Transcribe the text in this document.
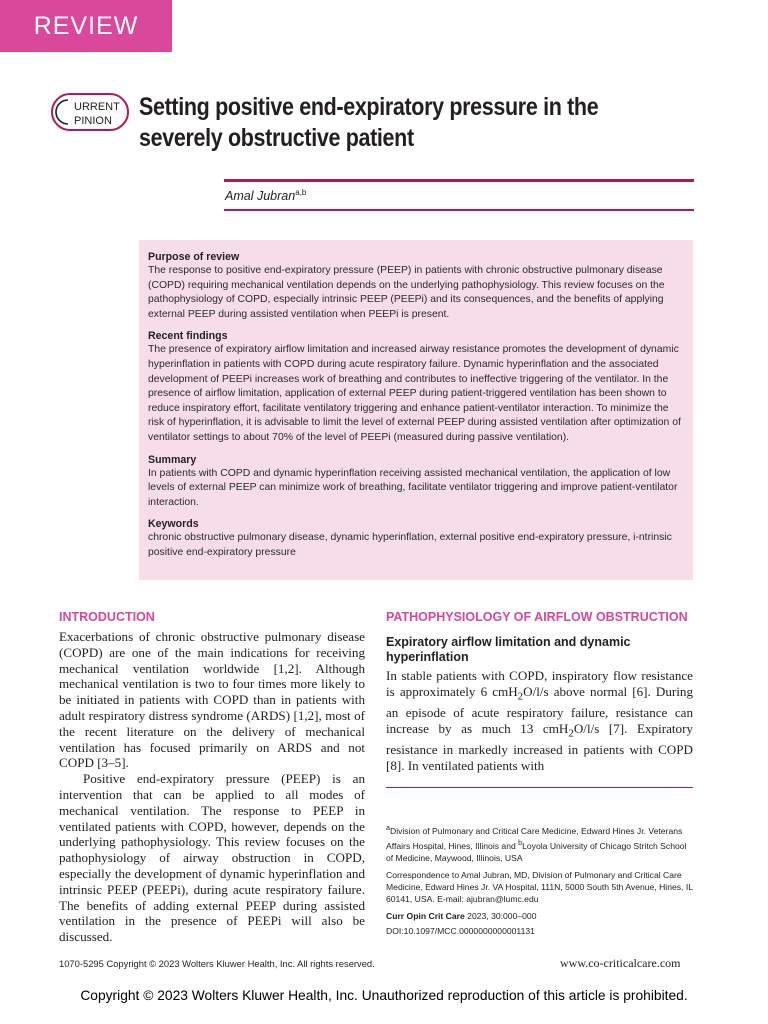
REVIEW
URRENT
PINION Setting positive end-expiratory pressure in the severely obstructive patient
Amal Jubran$^{a,b}$
Purpose of review

The response to positive end-expiratory pressure (PEEP) in patients with chronic obstructive pulmonary disease (COPD) requiring mechanical ventilation depends on the underlying pathophysiology. This review focuses on the pathophysiology of COPD, especially intrinsic PEEP (PEEPi) and its consequences, and the benefits of applying external PEEP during assisted ventilation when PEEPi is present.

Recent findings

The presence of expiratory airflow limitation and increased airway resistance promotes the development of dynamic hyperinflation in patients with COPD during acute respiratory failure. Dynamic hyperinflation and the associated development of PEEPi increases work of breathing and contributes to ineffective triggering of the ventilator. In the presence of airflow limitation, application of external PEEP during patient-triggered ventilation has been shown to reduce inspiratory effort, facilitate ventilatory triggering and enhance patient-ventilator interaction. To minimize the risk of hyperinflation, it is advisable to limit the level of external PEEP during assisted ventilation after optimization of ventilator settings to about 70% of the level of PEEPi (measured during passive ventilation).

Summary

In patients with COPD and dynamic hyperinflation receiving assisted mechanical ventilation, the application of low levels of external PEEP can minimize work of breathing, facilitate ventilator triggering and improve patient-ventilator interaction.

Keywords

chronic obstructive pulmonary disease, dynamic hyperinflation, external positive end-expiratory pressure, i-ntrinsic positive end-expiratory pressure

INTRODUCTION

Exacerbations of chronic obstructive pulmonary disease (COPD) are one of the main indications for receiving mechanical ventilation worldwide [1,2]. Although mechanical ventilation is two to four times more likely to be initiated in patients with COPD than in patients with adult respiratory distress syndrome (ARDS) [1,2], most of the recent literature on the delivery of mechanical ventilation has focused primarily on ARDS and not COPD [3–5].

Positive end-expiratory pressure (PEEP) is an intervention that can be applied to all modes of mechanical ventilation. The response to PEEP in ventilated patients with COPD, however, depends on the underlying pathophysiology. This review focuses on the pathophysiology of airway obstruction in COPD, especially the development of dynamic hyperinflation and intrinsic PEEP (PEEPi), during acute respiratory failure. The benefits of adding external PEEP during assisted ventilation in the presence of PEEPi will also be discussed.

PATHOPHYSIOLOGY OF AIRFLOW OBSTRUCTION
Expiratory airflow limitation and dynamic hyperinflation

In stable patients with COPD, inspiratory flow resistance is approximately 6 cmH$_2$O/l/s above normal [6]. During an episode of acute respiratory failure, resistance can increase by as much 13 cmH$_2$O/l/s [7]. Expiratory resistance in markedly increased in patients with COPD [8]. In ventilated patients with

$^a$Division of Pulmonary and Critical Care Medicine, Edward Hines Jr. Veterans Affairs Hospital, Hines, Illinois and $^b$Loyola University of Chicago Stritch School of Medicine, Maywood, Illinois, USA

Correspondence to Amal Jubran, MD, Division of Pulmonary and Critical Care Medicine, Edward Hines Jr. VA Hospital, 111N, 5000 South 5th Avenue, Hines, IL 60141, USA. E-mail: ajubran@lumc.edu

Curr Opin Crit Care 2023, 30:000–000

DOI:10.1097/MCC.0000000000001131

1070-5295 Copyright © 2023 Wolters Kluwer Health, Inc. All rights reserved.	www.co-criticalcare.com
Copyright © 2023 Wolters Kluwer Health, Inc. Unauthorized reproduction of this article is prohibited.
